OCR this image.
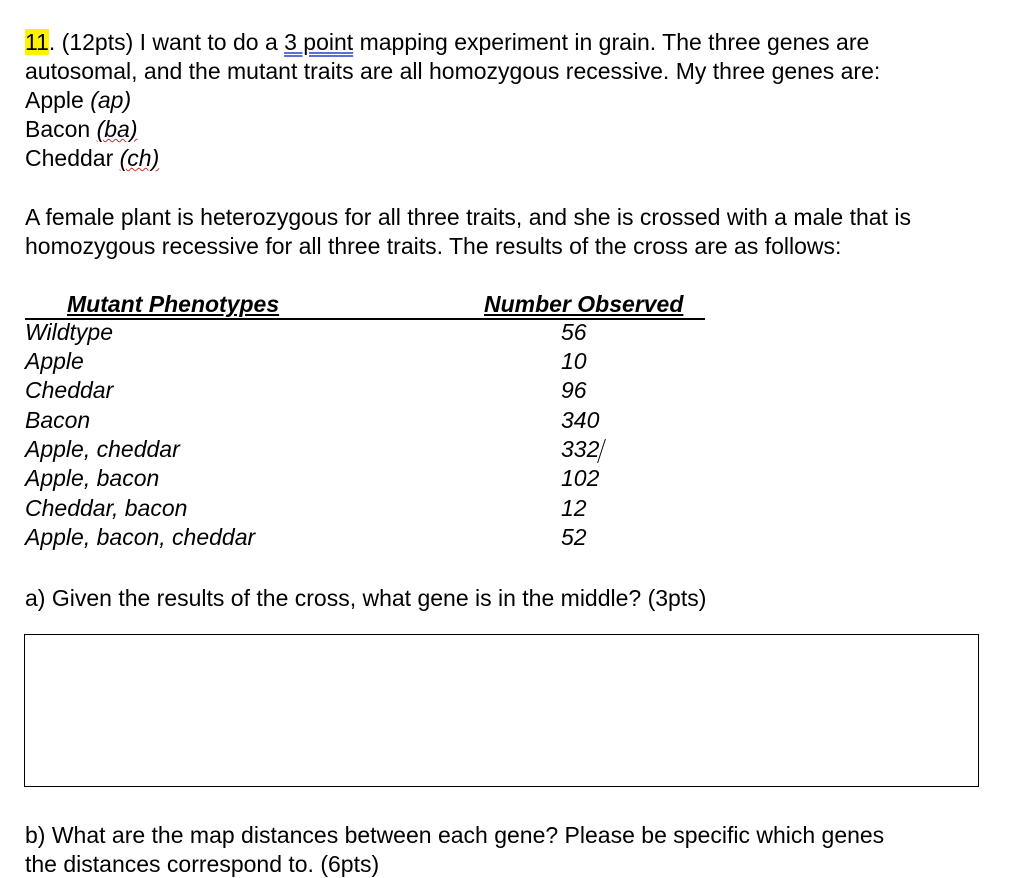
11. (12pts) I want to do a 3 point mapping experiment in grain. The three genes are
autosomal, and the mutant traits are all homozygous recessive. My three genes are:
Apple (ap)
Bacon (ba)
Cheddar (ch)
A female plant is heterozygous for all three traits, and she is crossed with a male that is
homozygous recessive for all three traits. The results of the cross are as follows:
Mutant Phenotypes	Number Observed
Wildtype	56
Apple	10
Cheddar	96
Bacon	340
Apple, cheddar	332
Apple, bacon	102
Cheddar, bacon	12
Apple, bacon, cheddar	52
a) Given the results of the cross, what gene is in the middle? (3pts)
b) What are the map distances between each gene? Please be specific which genes
the distances correspond to. (6pts)
